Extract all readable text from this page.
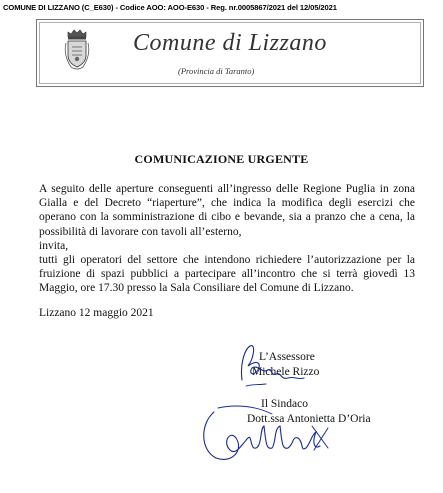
COMUNE DI LIZZANO (C_E630) - Codice AOO: AOO-E630 - Reg. nr.0005867/2021 del 12/05/2021
Comune di Lizzano
(Provincia di Taranto)
COMUNICAZIONE URGENTE

A seguito delle aperture conseguenti all’ingresso delle Regione Puglia in zona Gialla e del Decreto “riaperture”, che indica la modifica degli esercizi che operano con la somministrazione di cibo e bevande, sia a pranzo che a cena, la possibilità di lavorare con tavoli all’esterno,

invita,

tutti gli operatori del settore che intendono richiedere l’autorizzazione per la fruizione di spazi pubblici a partecipare all’incontro che si terrà giovedì 13 Maggio, ore 17.30 presso la Sala Consiliare del Comune di Lizzano.

Lizzano 12 maggio 2021
L’Assessore
Michele Rizzo
Il Sindaco
Dott.ssa Antonietta D’Oria
